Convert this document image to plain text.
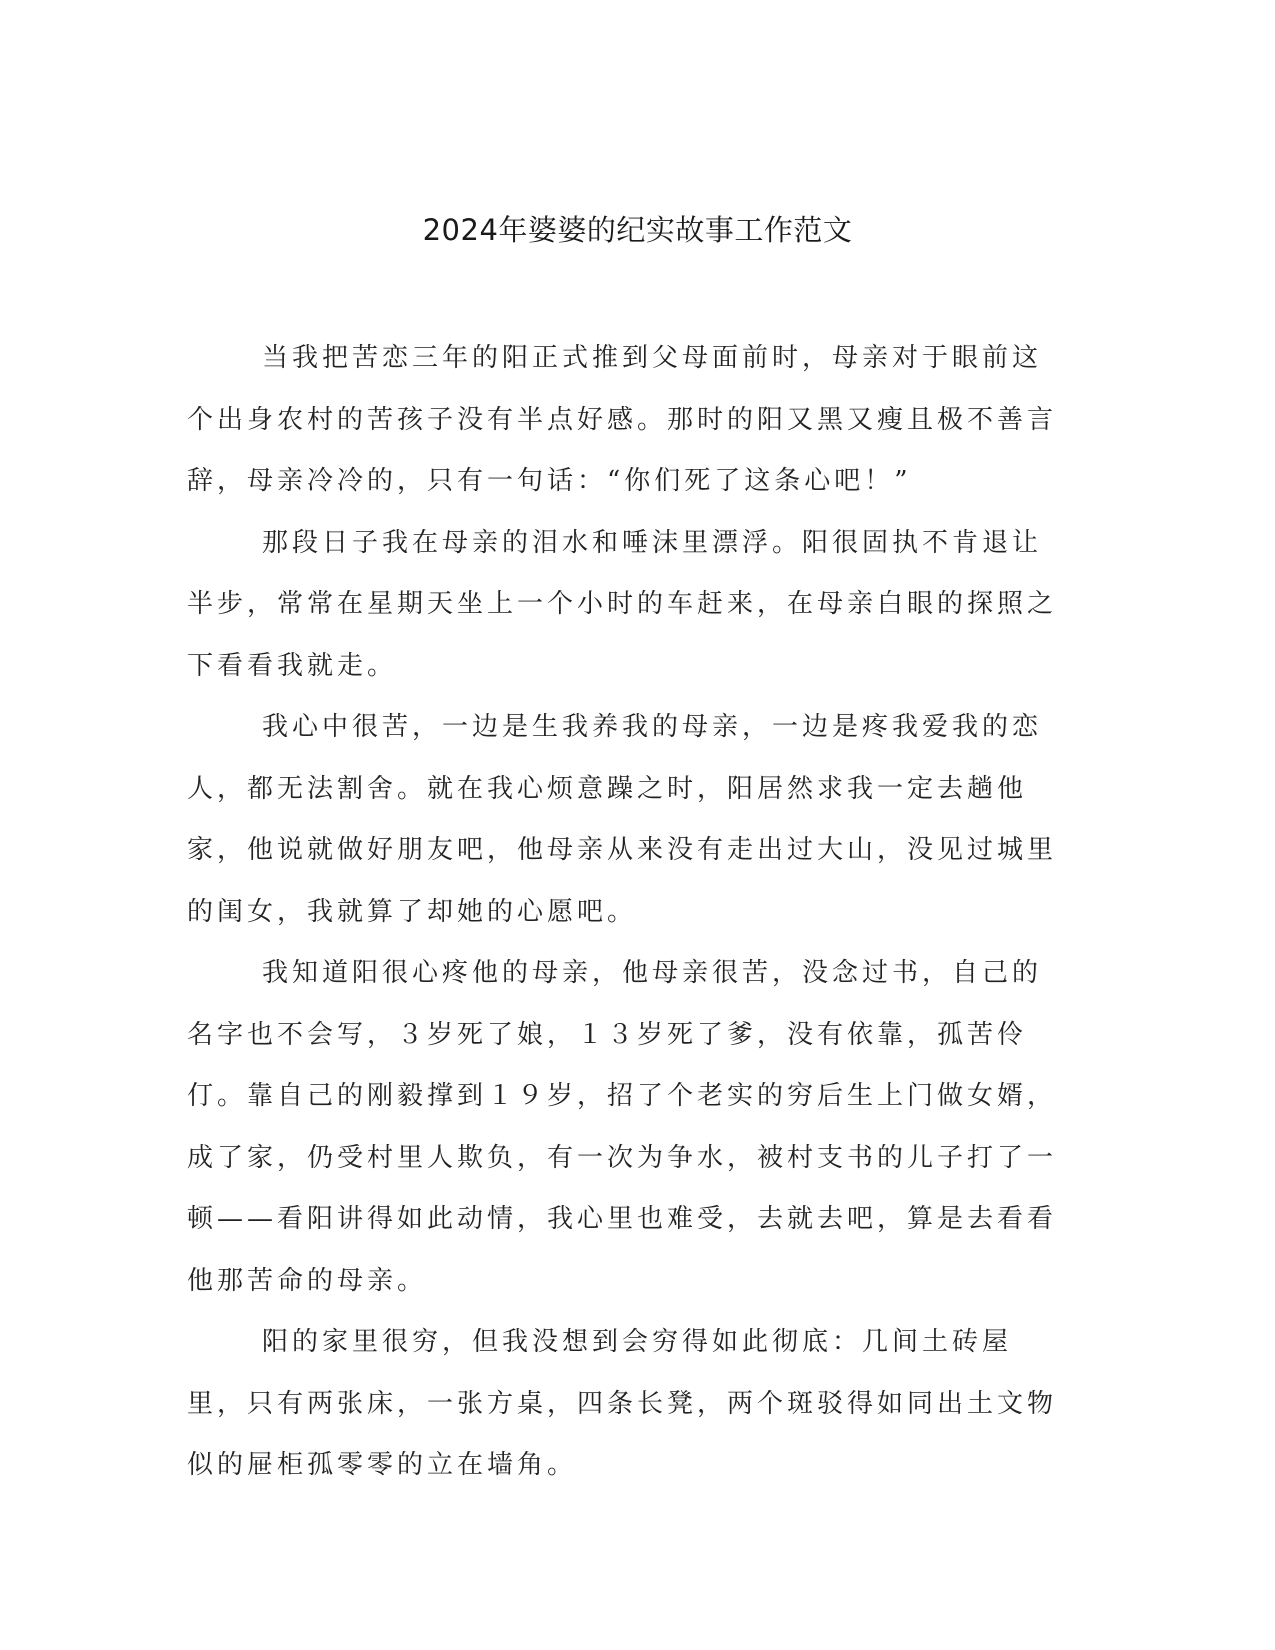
2024年婆婆的纪实故事工作范文

当我把苦恋三年的阳正式推到父母面前时，母亲对于眼前这个出身农村的苦孩子没有半点好感。那时的阳又黑又瘦且极不善言辞，母亲冷冷的，只有一句话：“你们死了这条心吧！”

那段日子我在母亲的泪水和唾沫里漂浮。阳很固执不肯退让半步，常常在星期天坐上一个小时的车赶来，在母亲白眼的探照之下看看我就走。

我心中很苦，一边是生我养我的母亲，一边是疼我爱我的恋人，都无法割舍。就在我心烦意躁之时，阳居然求我一定去趟他家，他说就做好朋友吧，他母亲从来没有走出过大山，没见过城里的闺女，我就算了却她的心愿吧。

我知道阳很心疼他的母亲，他母亲很苦，没念过书，自己的名字也不会写，３岁死了娘，１３岁死了爹，没有依靠，孤苦伶仃。靠自己的刚毅撑到１９岁，招了个老实的穷后生上门做女婿，成了家，仍受村里人欺负，有一次为争水，被村支书的儿子打了一顿——看阳讲得如此动情，我心里也难受，去就去吧，算是去看看他那苦命的母亲。

阳的家里很穷，但我没想到会穷得如此彻底：几间土砖屋里，只有两张床，一张方桌，四条长凳，两个斑驳得如同出土文物似的屉柜孤零零的立在墙角。
